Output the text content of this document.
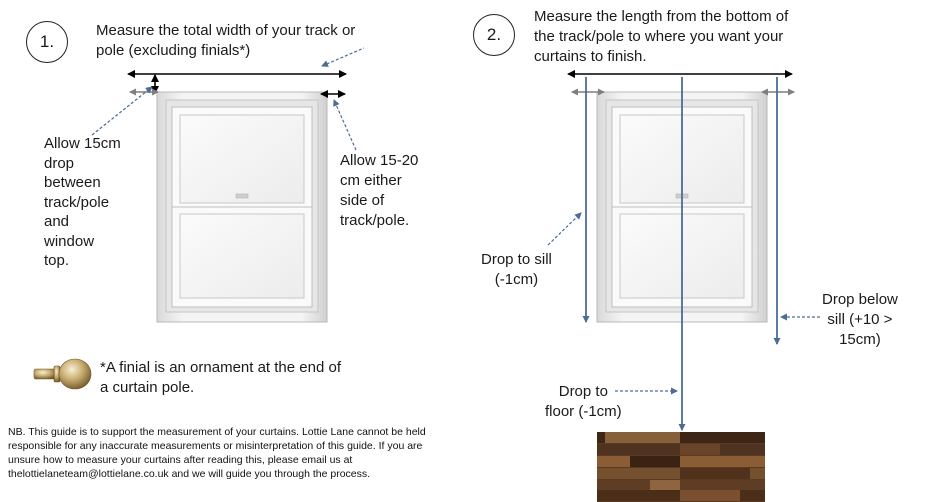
1.	2.
Measure the total width of your track or
pole (excluding finials*)
Measure the length from the bottom of
the track/pole to where you want your
curtains to finish.
Allow 15cm
drop
between
track/pole
and
window
top.
Allow 15-20
cm either
side of
track/pole.
Drop to sill
(-1cm)
Drop below
sill (+10 >
15cm)
Drop to
floor (-1cm)
*A finial is an ornament at the end of
a curtain pole.
NB. This guide is to support the measurement of your curtains. Lottie Lane cannot be held
responsible for any inaccurate measurements or misinterpretation of this guide. If you are
unsure how to measure your curtains after reading this, please email us at
thelottielaneteam@lottielane.co.uk and we will guide you through the process.
